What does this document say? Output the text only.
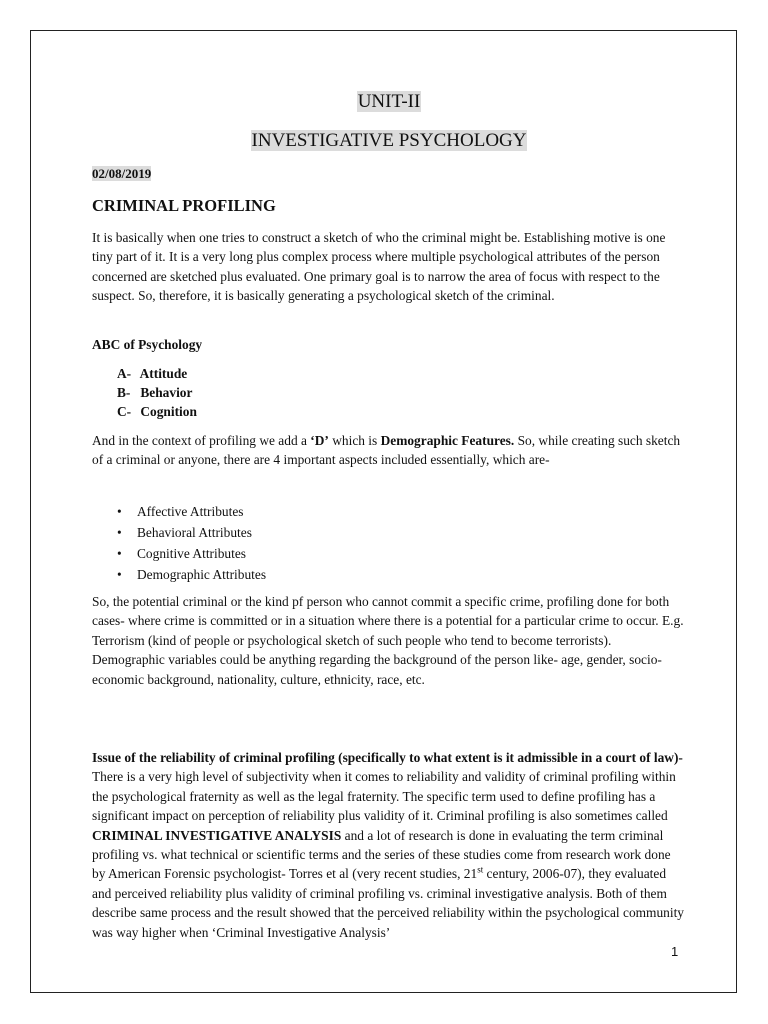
UNIT-II
INVESTIGATIVE PSYCHOLOGY
02/08/2019
CRIMINAL PROFILING

It is basically when one tries to construct a sketch of who the criminal might be. Establishing motive is one tiny part of it. It is a very long plus complex process where multiple psychological attributes of the person concerned are sketched plus evaluated. One primary goal is to narrow the area of focus with respect to the suspect. So, therefore, it is basically generating a psychological sketch of the criminal.

ABC of Psychology
A- Attitude
B- Behavior
C- Cognition

And in the context of profiling we add a ‘D’ which is Demographic Features. So, while creating such sketch of a criminal or anyone, there are 4 important aspects included essentially, which are-

• Affective Attributes
• Behavioral Attributes
• Cognitive Attributes
• Demographic Attributes

So, the potential criminal or the kind pf person who cannot commit a specific crime, profiling done for both cases- where crime is committed or in a situation where there is a potential for a particular crime to occur. E.g. Terrorism (kind of people or psychological sketch of such people who tend to become terrorists). Demographic variables could be anything regarding the background of the person like- age, gender, socio-economic background, nationality, culture, ethnicity, race, etc.

Issue of the reliability of criminal profiling (specifically to what extent is it admissible in a court of law)- There is a very high level of subjectivity when it comes to reliability and validity of criminal profiling within the psychological fraternity as well as the legal fraternity. The specific term used to define profiling has a significant impact on perception of reliability plus validity of it. Criminal profiling is also sometimes called CRIMINAL INVESTIGATIVE ANALYSIS and a lot of research is done in evaluating the term criminal profiling vs. what technical or scientific terms and the series of these studies come from research work done by American Forensic psychologist- Torres et al (very recent studies, 21st century, 2006-07), they evaluated and perceived reliability plus validity of criminal profiling vs. criminal investigative analysis. Both of them describe same process and the result showed that the perceived reliability within the psychological community was way higher when ‘Criminal Investigative Analysis’

1
